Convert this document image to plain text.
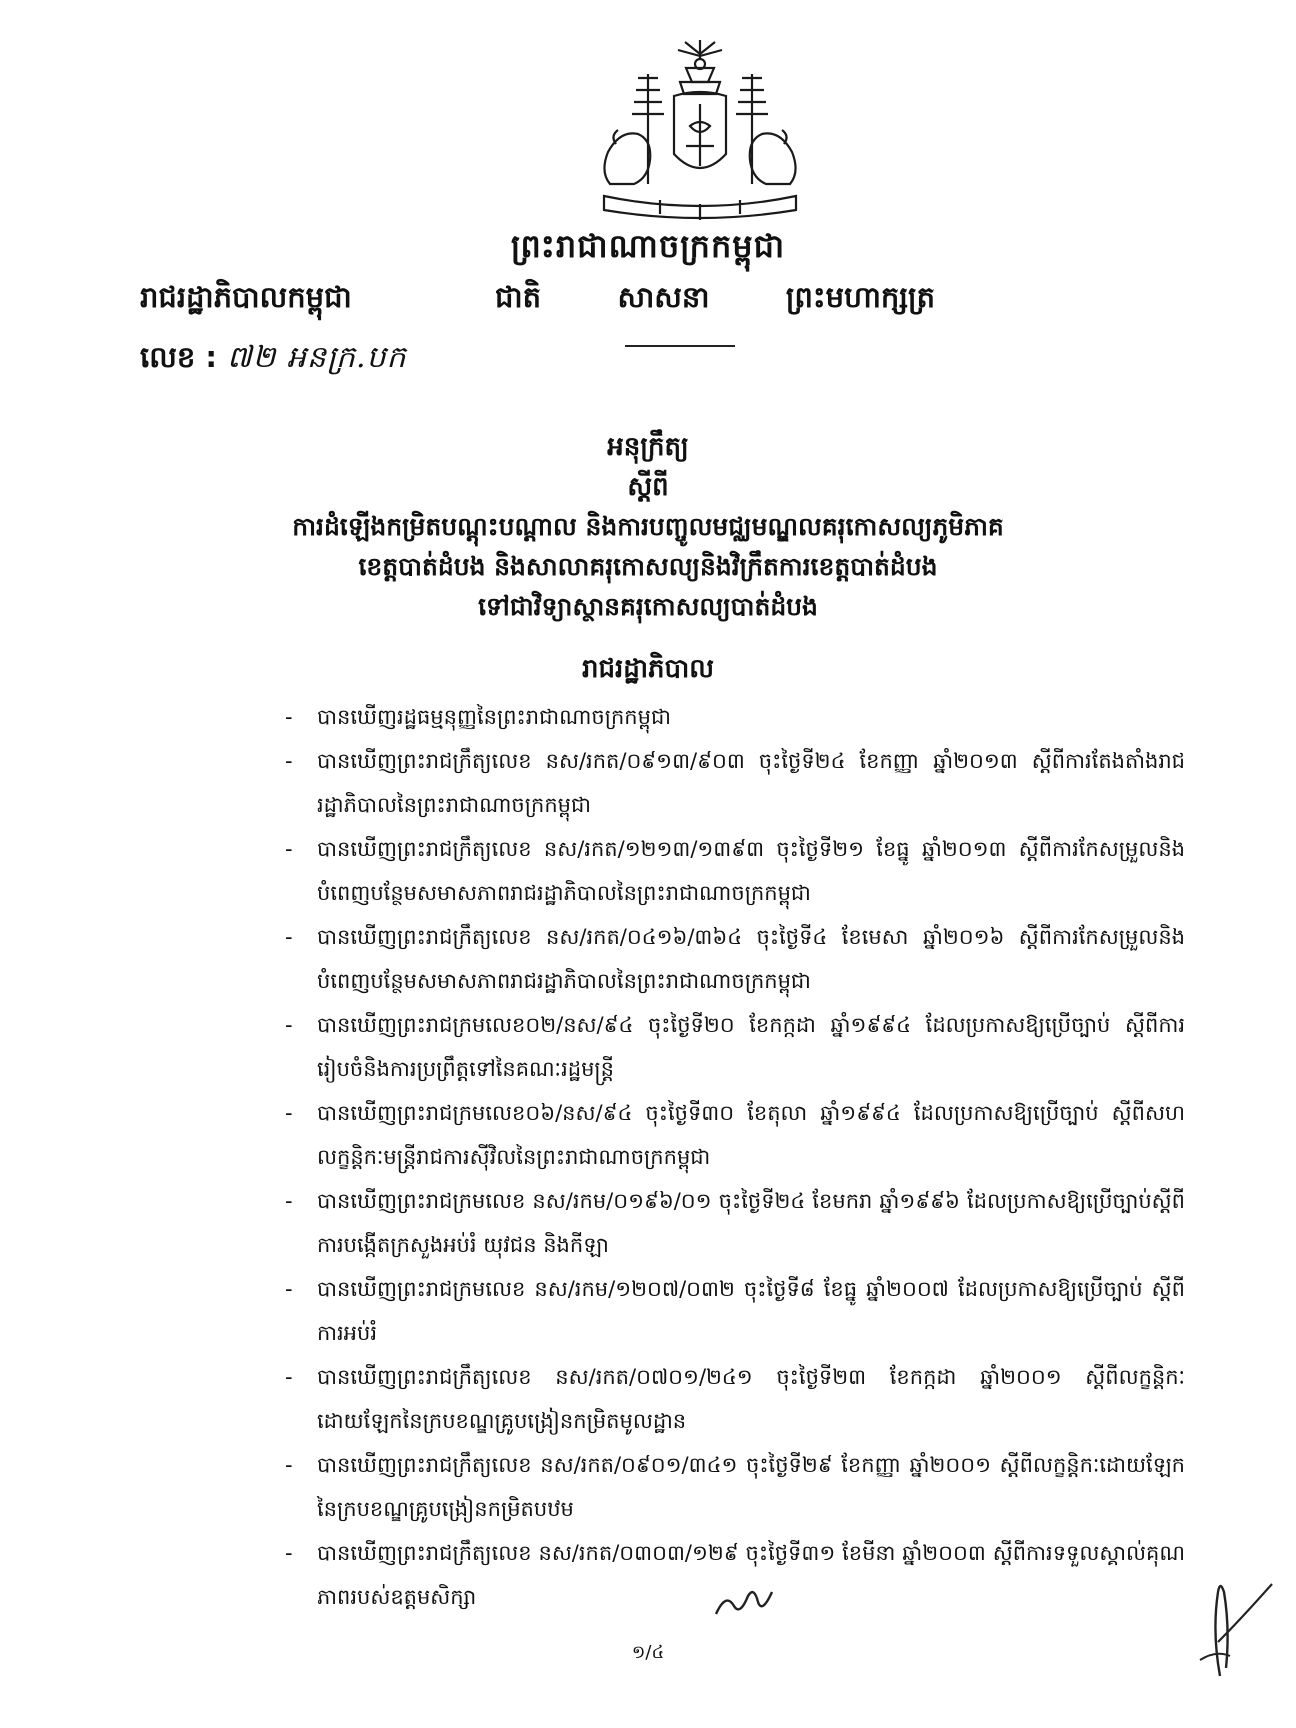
ព្រះរាជាណាចក្រកម្ពុជា
រាជរដ្ឋាភិបាលកម្ពុជា	ជាតិ	សាសនា	ព្រះមហាក្សត្រ
លេខ : ៧២ អនក្រ.បក
អនុក្រឹត្យ
ស្តីពី
ការដំឡើងកម្រិតបណ្តុះបណ្តាល និងការបញ្ចូលមជ្ឈមណ្ឌលគរុកោសល្យភូមិភាគ
ខេត្តបាត់ដំបង និងសាលាគរុកោសល្យនិងវិក្រឹតការខេត្តបាត់ដំបង
ទៅជាវិទ្យាស្ថានគរុកោសល្យបាត់ដំបង
រាជរដ្ឋាភិបាល
- បានឃើញរដ្ឋធម្មនុញ្ញនៃព្រះរាជាណាចក្រកម្ពុជា
- បានឃើញព្រះរាជក្រឹត្យលេខ នស/រកត/០៩១៣/៩០៣ ចុះថ្ងៃទី២៤ ខែកញ្ញា ឆ្នាំ២០១៣ ស្តីពីការតែងតាំងរាជរដ្ឋាភិបាលនៃព្រះរាជាណាចក្រកម្ពុជា
- បានឃើញព្រះរាជក្រឹត្យលេខ នស/រកត/១២១៣/១៣៩៣ ចុះថ្ងៃទី២១ ខែធ្នូ ឆ្នាំ២០១៣ ស្តីពីការកែសម្រួលនិងបំពេញបន្ថែមសមាសភាពរាជរដ្ឋាភិបាលនៃព្រះរាជាណាចក្រកម្ពុជា
- បានឃើញព្រះរាជក្រឹត្យលេខ នស/រកត/០៤១៦/៣៦៤ ចុះថ្ងៃទី៤ ខែមេសា ឆ្នាំ២០១៦ ស្តីពីការកែសម្រួលនិងបំពេញបន្ថែមសមាសភាពរាជរដ្ឋាភិបាលនៃព្រះរាជាណាចក្រកម្ពុជា
- បានឃើញព្រះរាជក្រមលេខ០២/នស/៩៤ ចុះថ្ងៃទី២០ ខែកក្កដា ឆ្នាំ១៩៩៤ ដែលប្រកាសឱ្យប្រើច្បាប់ ស្តីពីការរៀបចំនិងការប្រព្រឹត្តទៅនៃគណៈរដ្ឋមន្ត្រី
- បានឃើញព្រះរាជក្រមលេខ០៦/នស/៩៤ ចុះថ្ងៃទី៣០ ខែតុលា ឆ្នាំ១៩៩៤ ដែលប្រកាសឱ្យប្រើច្បាប់ ស្តីពីសហលក្ខន្តិកៈមន្ត្រីរាជការស៊ីវិលនៃព្រះរាជាណាចក្រកម្ពុជា
- បានឃើញព្រះរាជក្រមលេខ នស/រកម/០១៩៦/០១ ចុះថ្ងៃទី២៤ ខែមករា ឆ្នាំ១៩៩៦ ដែលប្រកាសឱ្យប្រើច្បាប់ស្តីពីការបង្កើតក្រសួងអប់រំ យុវជន និងកីឡា
- បានឃើញព្រះរាជក្រមលេខ នស/រកម/១២០៧/០៣២ ចុះថ្ងៃទី៨ ខែធ្នូ ឆ្នាំ២០០៧ ដែលប្រកាសឱ្យប្រើច្បាប់ ស្តីពីការអប់រំ
- បានឃើញព្រះរាជក្រឹត្យលេខ នស/រកត/០៧០១/២៤១ ចុះថ្ងៃទី២៣ ខែកក្កដា ឆ្នាំ២០០១ ស្តីពីលក្ខន្តិកៈដោយឡែកនៃក្របខណ្ឌគ្រូបង្រៀនកម្រិតមូលដ្ឋាន
- បានឃើញព្រះរាជក្រឹត្យលេខ នស/រកត/០៩០១/៣៤១ ចុះថ្ងៃទី២៩ ខែកញ្ញា ឆ្នាំ២០០១ ស្តីពីលក្ខន្តិកៈដោយឡែកនៃក្របខណ្ឌគ្រូបង្រៀនកម្រិតបឋម
- បានឃើញព្រះរាជក្រឹត្យលេខ នស/រកត/០៣០៣/១២៩ ចុះថ្ងៃទី៣១ ខែមីនា ឆ្នាំ២០០៣ ស្តីពីការទទួលស្គាល់គុណភាពរបស់ឧត្តមសិក្សា
១/៤
